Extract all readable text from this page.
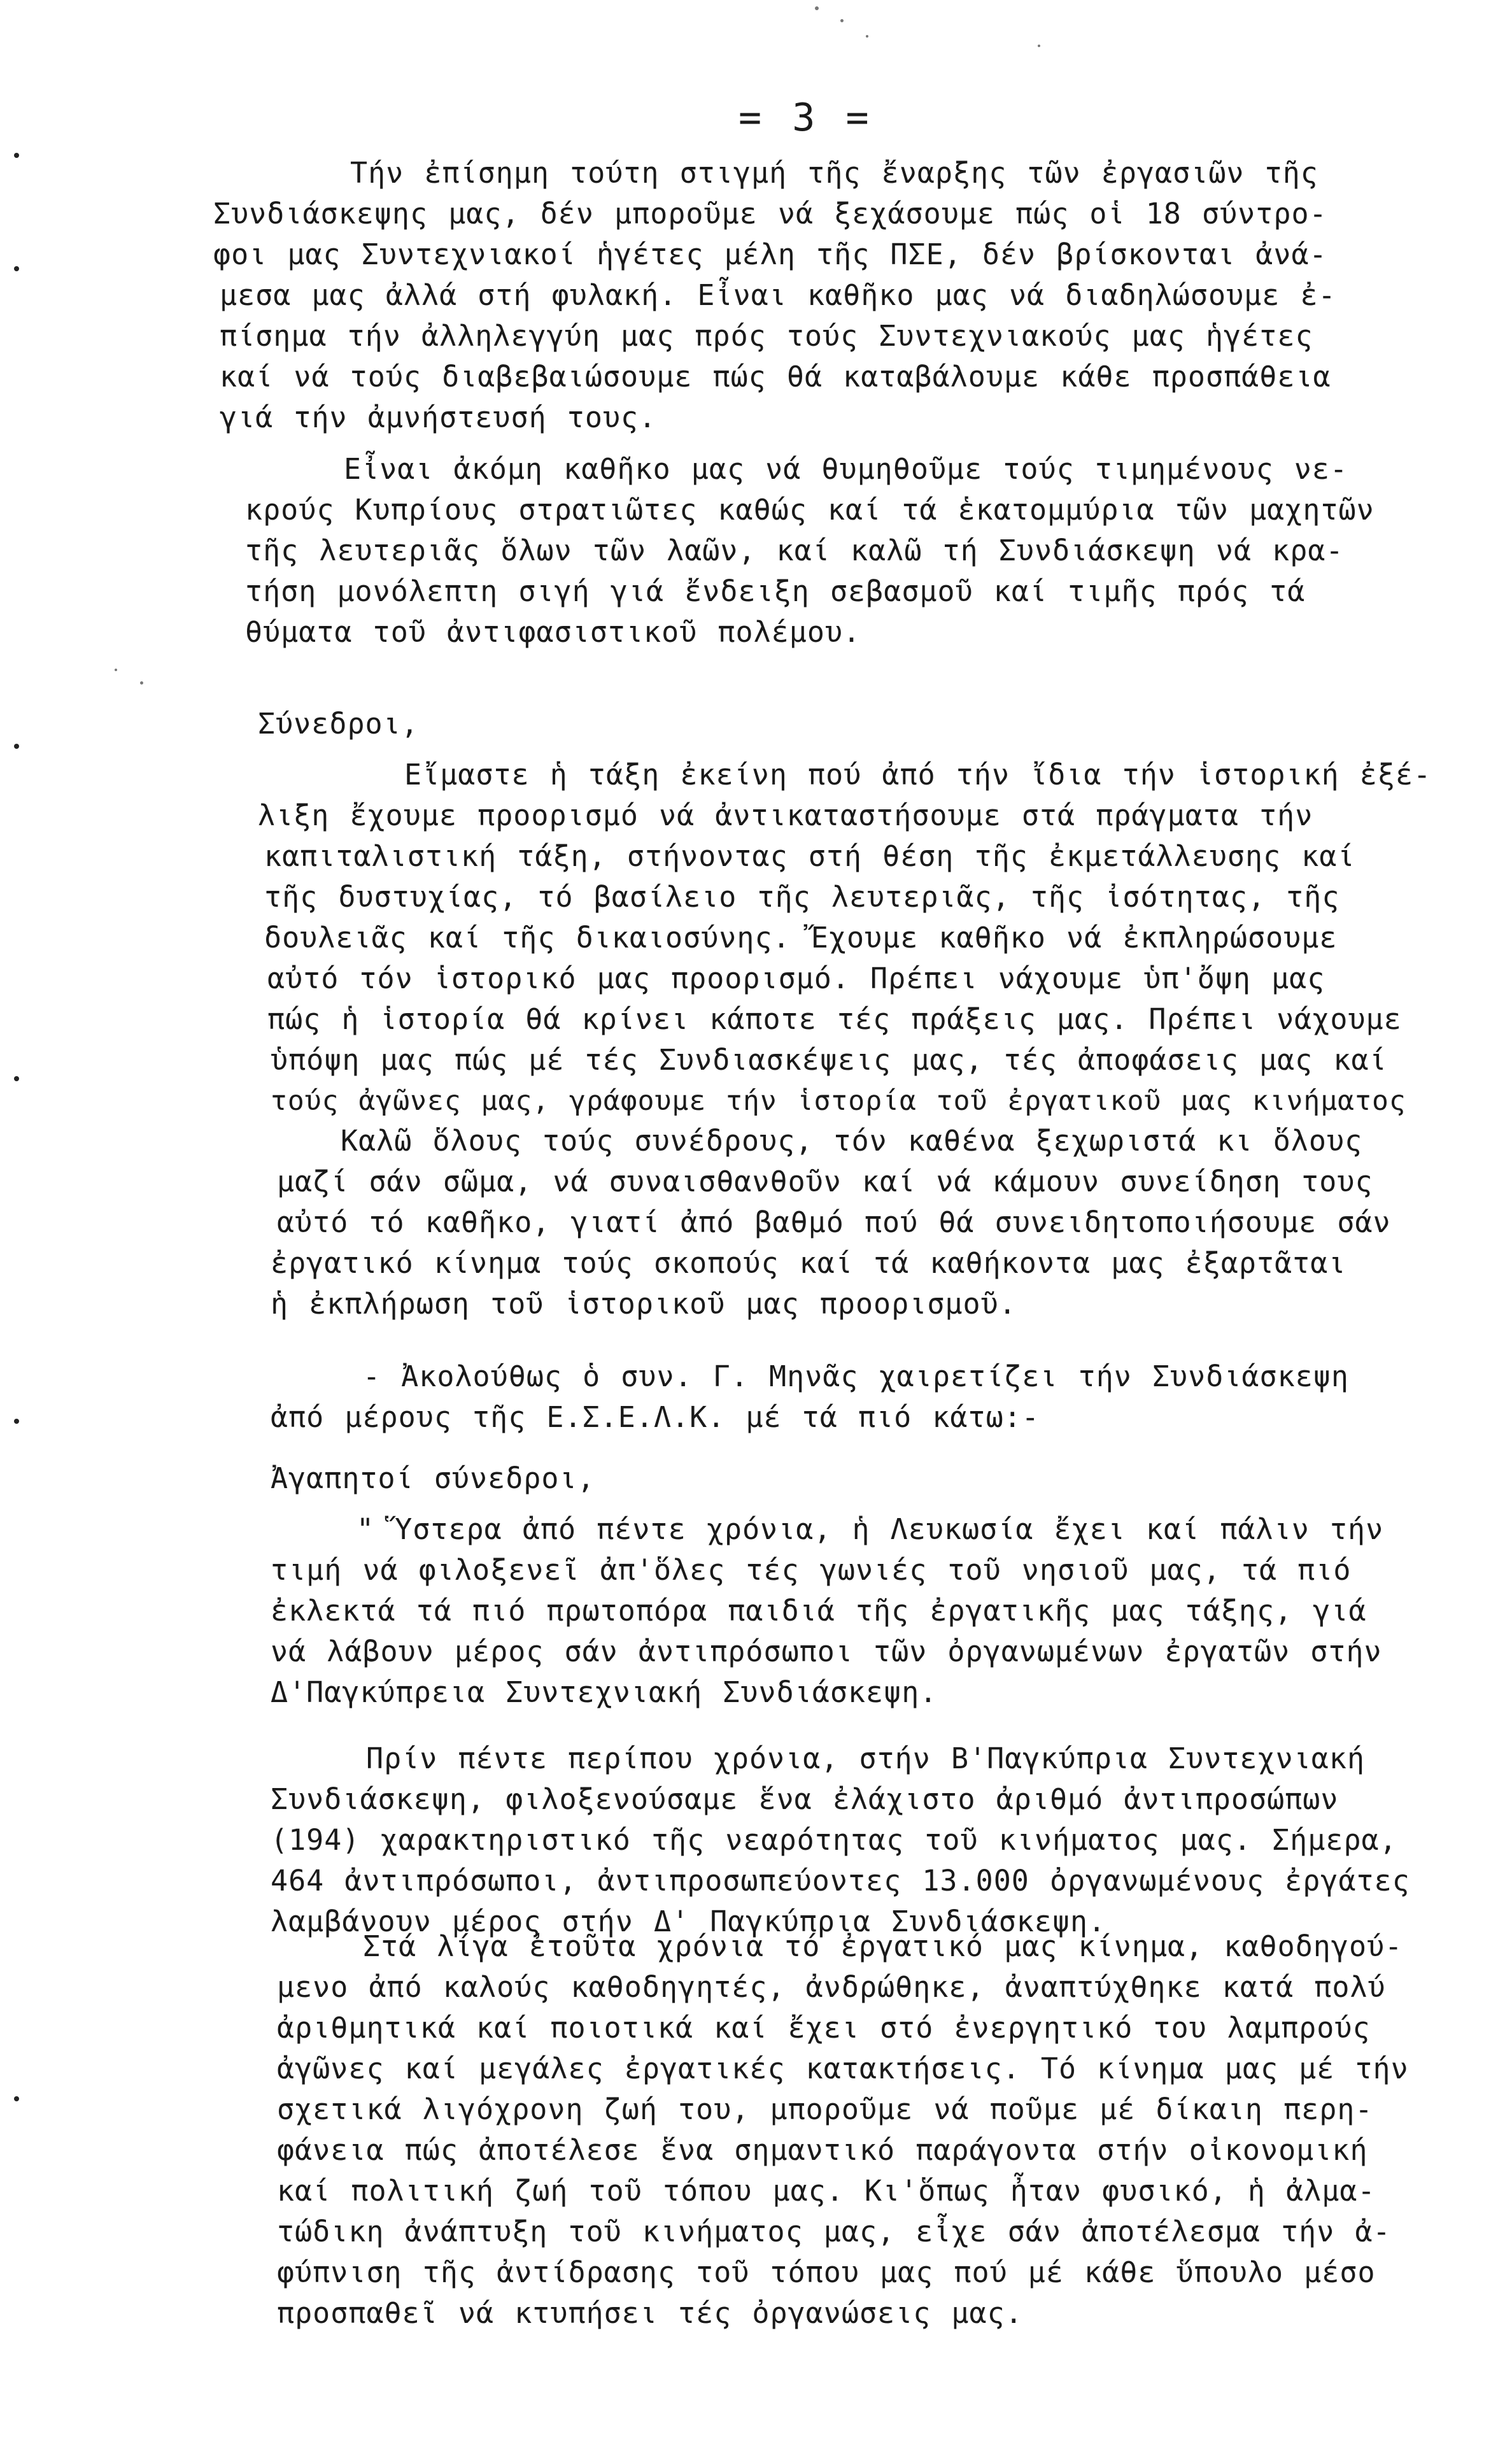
= 3 =
Τήν ἐπίσημη τούτη στιγμή τῆς ἔναρξης τῶν ἐργασιῶν τῆς
Συνδιάσκεψης μας, δέν μποροῦμε νά ξεχάσουμε πώς οἱ 18 σύντρο-
φοι μας Συντεχνιακοί ἡγέτες μέλη τῆς ΠΣΕ, δέν βρίσκονται ἀνά-
μεσα μας ἀλλά στή φυλακή. Εἶναι καθῆκο μας νά διαδηλώσουμε ἐ-
πίσημα τήν ἀλληλεγγύη μας πρός τούς Συντεχνιακούς μας ἡγέτες
καί νά τούς διαβεβαιώσουμε πώς θά καταβάλουμε κάθε προσπάθεια
γιά τήν ἀμνήστευσή τους.
Εἶναι ἀκόμη καθῆκο μας νά θυμηθοῦμε τούς τιμημένους νε-
κρούς Κυπρίους στρατιῶτες καθώς καί τά ἑκατομμύρια τῶν μαχητῶν
τῆς λευτεριᾶς ὅλων τῶν λαῶν, καί καλῶ τή Συνδιάσκεψη νά κρα-
τήση μονόλεπτη σιγή γιά ἔνδειξη σεβασμοῦ καί τιμῆς πρός τά
θύματα τοῦ ἀντιφασιστικοῦ πολέμου.
Σύνεδροι,
Εἴμαστε ἡ τάξη ἐκείνη πού ἀπό τήν ἴδια τήν ἱστορική ἐξέ-
λιξη ἔχουμε προορισμό νά ἀντικαταστήσουμε στά πράγματα τήν
καπιταλιστική τάξη, στήνοντας στή θέση τῆς ἐκμετάλλευσης καί
τῆς δυστυχίας, τό βασίλειο τῆς λευτεριᾶς, τῆς ἰσότητας, τῆς
δουλειᾶς καί τῆς δικαιοσύνης. Ἔχουμε καθῆκο νά ἐκπληρώσουμε
αὐτό τόν ἱστορικό μας προορισμό. Πρέπει νάχουμε ὑπ'ὄψη μας
πώς ἡ ἱστορία θά κρίνει κάποτε τές πράξεις μας. Πρέπει νάχουμε
ὑπόψη μας πώς μέ τές Συνδιασκέψεις μας, τές ἀποφάσεις μας καί
τούς ἀγῶνες μας, γράφουμε τήν ἱστορία τοῦ ἐργατικοῦ μας κινήματος
Καλῶ ὅλους τούς συνέδρους, τόν καθένα ξεχωριστά κι ὅλους
μαζί σάν σῶμα, νά συναισθανθοῦν καί νά κάμουν συνείδηση τους
αὐτό τό καθῆκο, γιατί ἀπό βαθμό πού θά συνειδητοποιήσουμε σάν
ἐργατικό κίνημα τούς σκοπούς καί τά καθήκοντα μας ἐξαρτᾶται
ἡ ἐκπλήρωση τοῦ ἱστορικοῦ μας προορισμοῦ.
- Ἀκολούθως ὁ συν. Γ. Μηνᾶς χαιρετίζει τήν Συνδιάσκεψη
ἀπό μέρους τῆς Ε.Σ.Ε.Λ.Κ. μέ τά πιό κάτω:-
Ἀγαπητοί σύνεδροι,
" Ὕστερα ἀπό πέντε χρόνια, ἡ Λευκωσία ἔχει καί πάλιν τήν
τιμή νά φιλοξενεῖ ἀπ'ὅλες τές γωνιές τοῦ νησιοῦ μας, τά πιό
ἐκλεκτά τά πιό πρωτοπόρα παιδιά τῆς ἐργατικῆς μας τάξης, γιά
νά λάβουν μέρος σάν ἀντιπρόσωποι τῶν ὀργανωμένων ἐργατῶν στήν
Δ'Παγκύπρεια Συντεχνιακή Συνδιάσκεψη.
Πρίν πέντε περίπου χρόνια, στήν Β'Παγκύπρια Συντεχνιακή
Συνδιάσκεψη, φιλοξενούσαμε ἕνα ἐλάχιστο ἀριθμό ἀντιπροσώπων
(194) χαρακτηριστικό τῆς νεαρότητας τοῦ κινήματος μας. Σήμερα,
464 ἀντιπρόσωποι, ἀντιπροσωπεύοντες 13.000 ὀργανωμένους ἐργάτες
λαμβάνουν μέρος στήν Δ' Παγκύπρια Συνδιάσκεψη.
Στά λίγα ἐτοῦτα χρόνια τό ἐργατικό μας κίνημα, καθοδηγού-
μενο ἀπό καλούς καθοδηγητές, ἀνδρώθηκε, ἀναπτύχθηκε κατά πολύ
ἀριθμητικά καί ποιοτικά καί ἔχει στό ἐνεργητικό του λαμπρούς
ἀγῶνες καί μεγάλες ἐργατικές κατακτήσεις. Τό κίνημα μας μέ τήν
σχετικά λιγόχρονη ζωή του, μποροῦμε νά ποῦμε μέ δίκαιη περη-
φάνεια πώς ἀποτέλεσε ἕνα σημαντικό παράγοντα στήν οἰκονομική
καί πολιτική ζωή τοῦ τόπου μας. Κι'ὅπως ἦταν φυσικό, ἡ ἀλμα-
τώδικη ἀνάπτυξη τοῦ κινήματος μας, εἶχε σάν ἀποτέλεσμα τήν ἀ-
φύπνιση τῆς ἀντίδρασης τοῦ τόπου μας πού μέ κάθε ὕπουλο μέσο
προσπαθεῖ νά κτυπήσει τές ὀργανώσεις μας.
